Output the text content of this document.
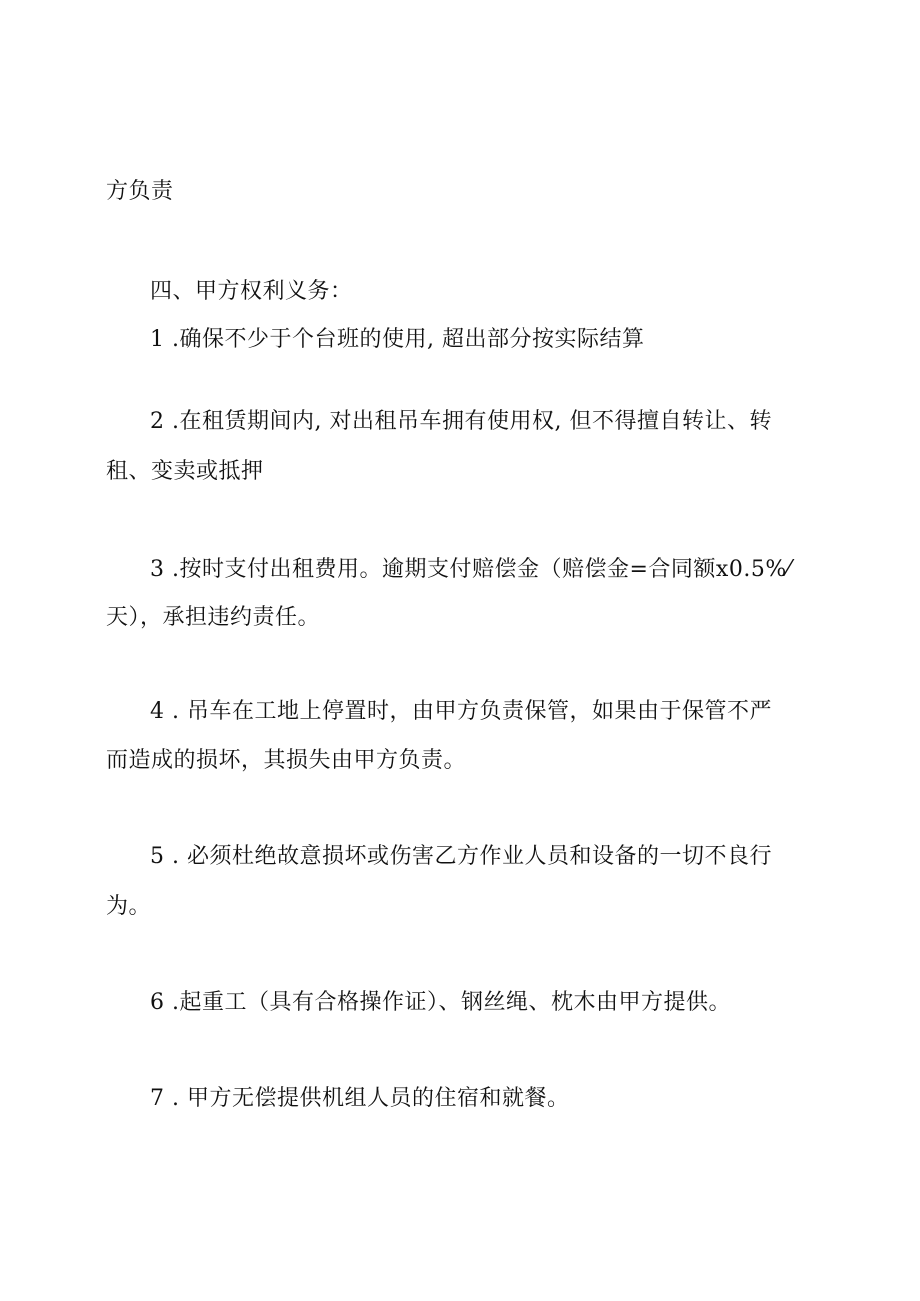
方负责
四、甲方权利义务：
1 .确保不少于个台班的使用, 超出部分按实际结算
2 .在租赁期间内, 对出租吊车拥有使用权, 但不得擅自转让、转
租、变卖或抵押
3 .按时支付出租费用。逾期支付赔偿金（赔偿金=合同额x0.5%⁄
天），承担违约责任。
4 . 吊车在工地上停置时，由甲方负责保管，如果由于保管不严
而造成的损坏，其损失由甲方负责。
5 . 必须杜绝故意损坏或伤害乙方作业人员和设备的一切不良行
为。
6 .起重工（具有合格操作证）、钢丝绳、枕木由甲方提供。
7 . 甲方无偿提供机组人员的住宿和就餐。
